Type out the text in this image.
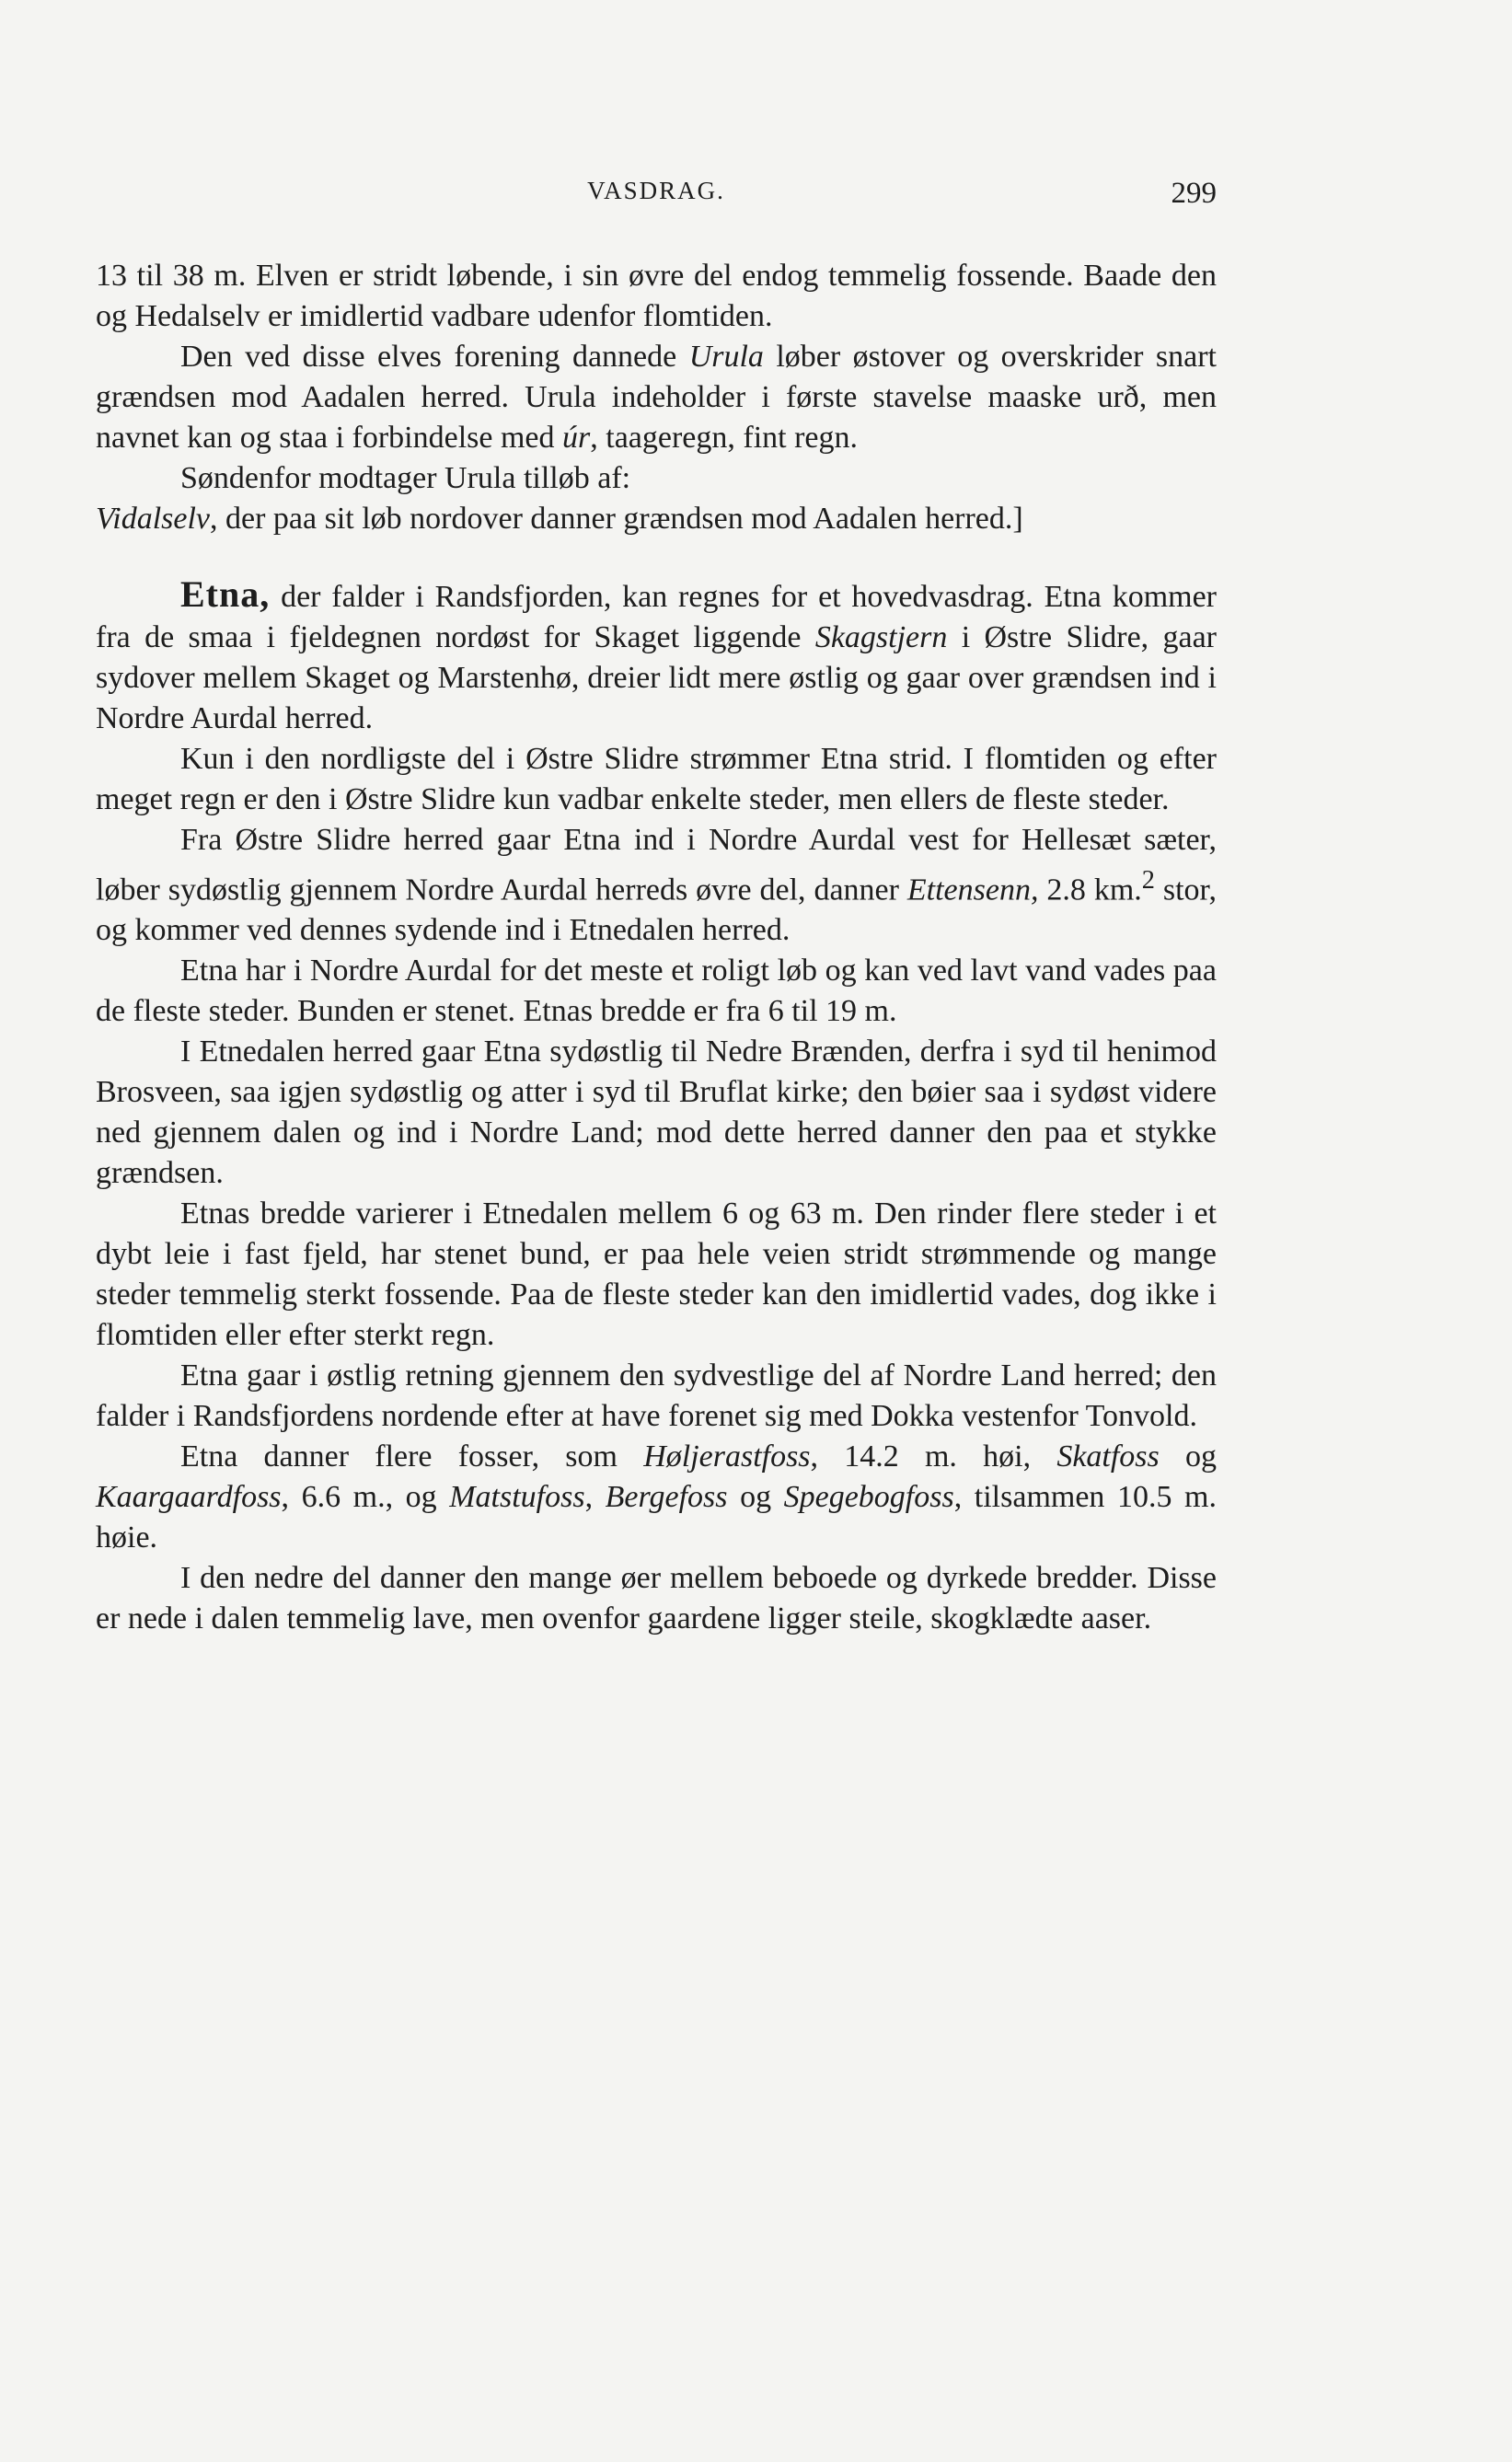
VASDRAG.	299

13 til 38 m. Elven er stridt løbende, i sin øvre del endog temmelig fossende. Baade den og Hedalselv er imidlertid vadbare udenfor flomtiden.

Den ved disse elves forening dannede Urula løber østover og overskrider snart grændsen mod Aadalen herred. Urula indeholder i første stavelse maaske urð, men navnet kan og staa i forbindelse med úr, taageregn, fint regn.

Søndenfor modtager Urula tilløb af:

Vidalselv, der paa sit løb nordover danner grændsen mod Aadalen herred.]

Etna, der falder i Randsfjorden, kan regnes for et hovedvasdrag. Etna kommer fra de smaa i fjeldegnen nordøst for Skaget liggende Skagstjern i Østre Slidre, gaar sydover mellem Skaget og Marstenhø, dreier lidt mere østlig og gaar over grændsen ind i Nordre Aurdal herred.

Kun i den nordligste del i Østre Slidre strømmer Etna strid. I flomtiden og efter meget regn er den i Østre Slidre kun vadbar enkelte steder, men ellers de fleste steder.

Fra Østre Slidre herred gaar Etna ind i Nordre Aurdal vest for Hellesæt sæter, løber sydøstlig gjennem Nordre Aurdal herreds øvre del, danner Ettensenn, 2.8 km.$^2$ stor, og kommer ved dennes sydende ind i Etnedalen herred.

Etna har i Nordre Aurdal for det meste et roligt løb og kan ved lavt vand vades paa de fleste steder. Bunden er stenet. Etnas bredde er fra 6 til 19 m.

I Etnedalen herred gaar Etna sydøstlig til Nedre Brænden, derfra i syd til henimod Brosveen, saa igjen sydøstlig og atter i syd til Bruflat kirke; den bøier saa i sydøst videre ned gjennem dalen og ind i Nordre Land; mod dette herred danner den paa et stykke grændsen.

Etnas bredde varierer i Etnedalen mellem 6 og 63 m. Den rinder flere steder i et dybt leie i fast fjeld, har stenet bund, er paa hele veien stridt strømmende og mange steder temmelig sterkt fossende. Paa de fleste steder kan den imidlertid vades, dog ikke i flomtiden eller efter sterkt regn.

Etna gaar i østlig retning gjennem den sydvestlige del af Nordre Land herred; den falder i Randsfjordens nordende efter at have forenet sig med Dokka vestenfor Tonvold.

Etna danner flere fosser, som Høljerastfoss, 14.2 m. høi, Skatfoss og Kaargaardfoss, 6.6 m., og Matstufoss, Bergefoss og Spegebogfoss, tilsammen 10.5 m. høie.

I den nedre del danner den mange øer mellem beboede og dyrkede bredder. Disse er nede i dalen temmelig lave, men ovenfor gaardene ligger steile, skogklædte aaser.
